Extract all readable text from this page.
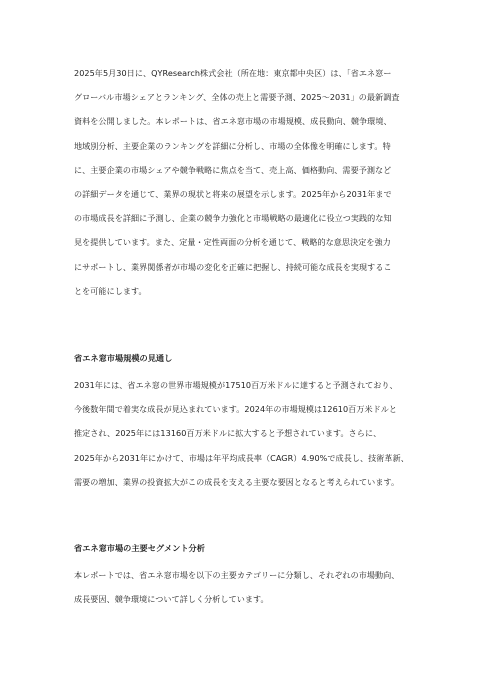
2025年5月30日に、QYResearch株式会社（所在地：東京都中央区）は、「省エネ窓ー
グローバル市場シェアとランキング、全体の売上と需要予測、2025～2031」の最新調査
資料を公開しました。本レポートは、省エネ窓市場の市場規模、成長動向、競争環境、
地域別分析、主要企業のランキングを詳細に分析し、市場の全体像を明確にします。特
に、主要企業の市場シェアや競争戦略に焦点を当て、売上高、価格動向、需要予測など
の詳細データを通じて、業界の現状と将来の展望を示します。2025年から2031年まで
の市場成長を詳細に予測し、企業の競争力強化と市場戦略の最適化に役立つ実践的な知
見を提供しています。また、定量・定性両面の分析を通じて、戦略的な意思決定を強力
にサポートし、業界関係者が市場の変化を正確に把握し、持続可能な成長を実現するこ
とを可能にします。
省エネ窓市場規模の見通し
2031年には、省エネ窓の世界市場規模が17510百万米ドルに達すると予測されており、
今後数年間で着実な成長が見込まれています。2024年の市場規模は12610百万米ドルと
推定され、2025年には13160百万米ドルに拡大すると予想されています。さらに、
2025年から2031年にかけて、市場は年平均成長率（CAGR）4.90%で成長し、技術革新、
需要の増加、業界の投資拡大がこの成長を支える主要な要因となると考えられています。
省エネ窓市場の主要セグメント分析
本レポートでは、省エネ窓市場を以下の主要カテゴリーに分類し、それぞれの市場動向、
成長要因、競争環境について詳しく分析しています。
